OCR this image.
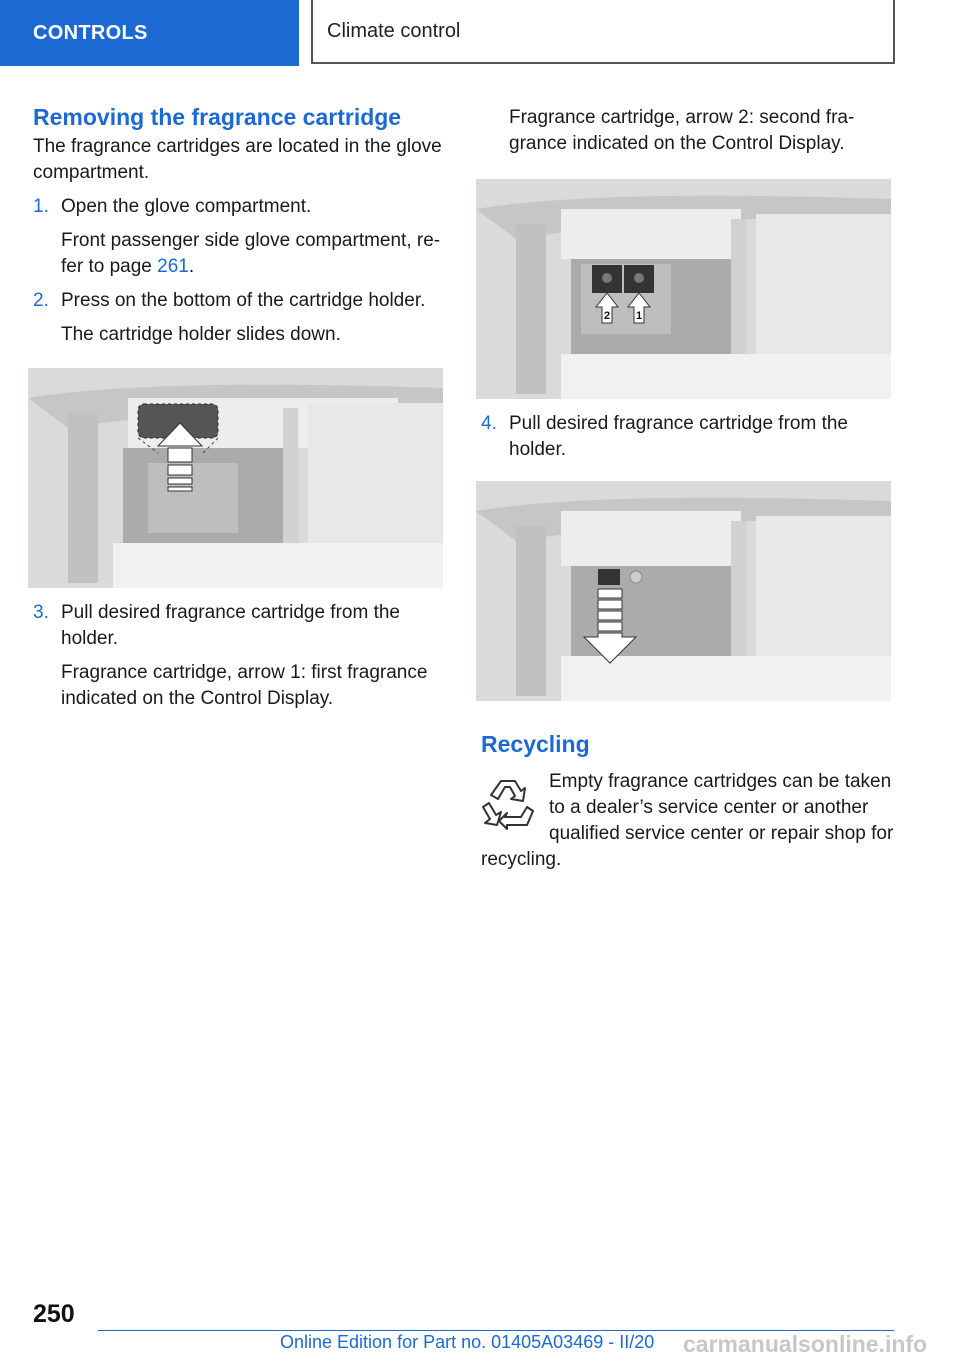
CONTROLS	Climate control
Removing the fragrance cartridge

The fragrance cartridges are located in the glove compartment.

1. Open the glove compartment.

Front passenger side glove compartment, re-fer to page 261.

2. Press on the bottom of the cartridge holder.

The cartridge holder slides down.

3. Pull desired fragrance cartridge from the holder.

Fragrance cartridge, arrow 1: first fragrance indicated on the Control Display.

Fragrance cartridge, arrow 2: second fra-grance indicated on the Control Display.

2 1
4. Pull desired fragrance cartridge from the holder.

Recycling

Empty fragrance cartridges can be taken to a dealer’s service center or another qualified service center or repair shop for recycling.

250
Online Edition for Part no. 01405A03469 - II/20 carmanualsonline.info
